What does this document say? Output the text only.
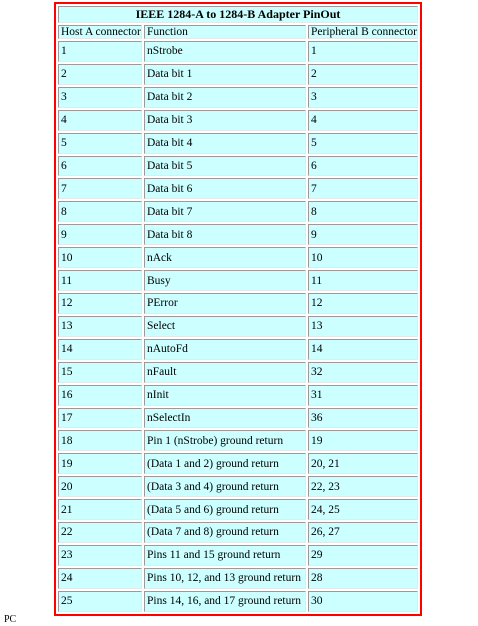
IEEE 1284-A to 1284-B Adapter PinOut		
Host A connector	Function	Peripheral B connector
1	nStrobe	1
2	Data bit 1	2
3	Data bit 2	3
4	Data bit 3	4
5	Data bit 4	5
6	Data bit 5	6
7	Data bit 6	7
8	Data bit 7	8
9	Data bit 8	9
10	nAck	10
11	Busy	11
12	PError	12
13	Select	13
14	nAutoFd	14
15	nFault	32
16	nInit	31
17	nSelectIn	36
18	Pin 1 (nStrobe) ground return	19
19	(Data 1 and 2) ground return	20, 21
20	(Data 3 and 4) ground return	22, 23
21	(Data 5 and 6) ground return	24, 25
22	(Data 7 and 8) ground return	26, 27
23	Pins 11 and 15 ground return	29
24	Pins 10, 12, and 13 ground return	28
25	Pins 14, 16, and 17 ground return	30
PC
